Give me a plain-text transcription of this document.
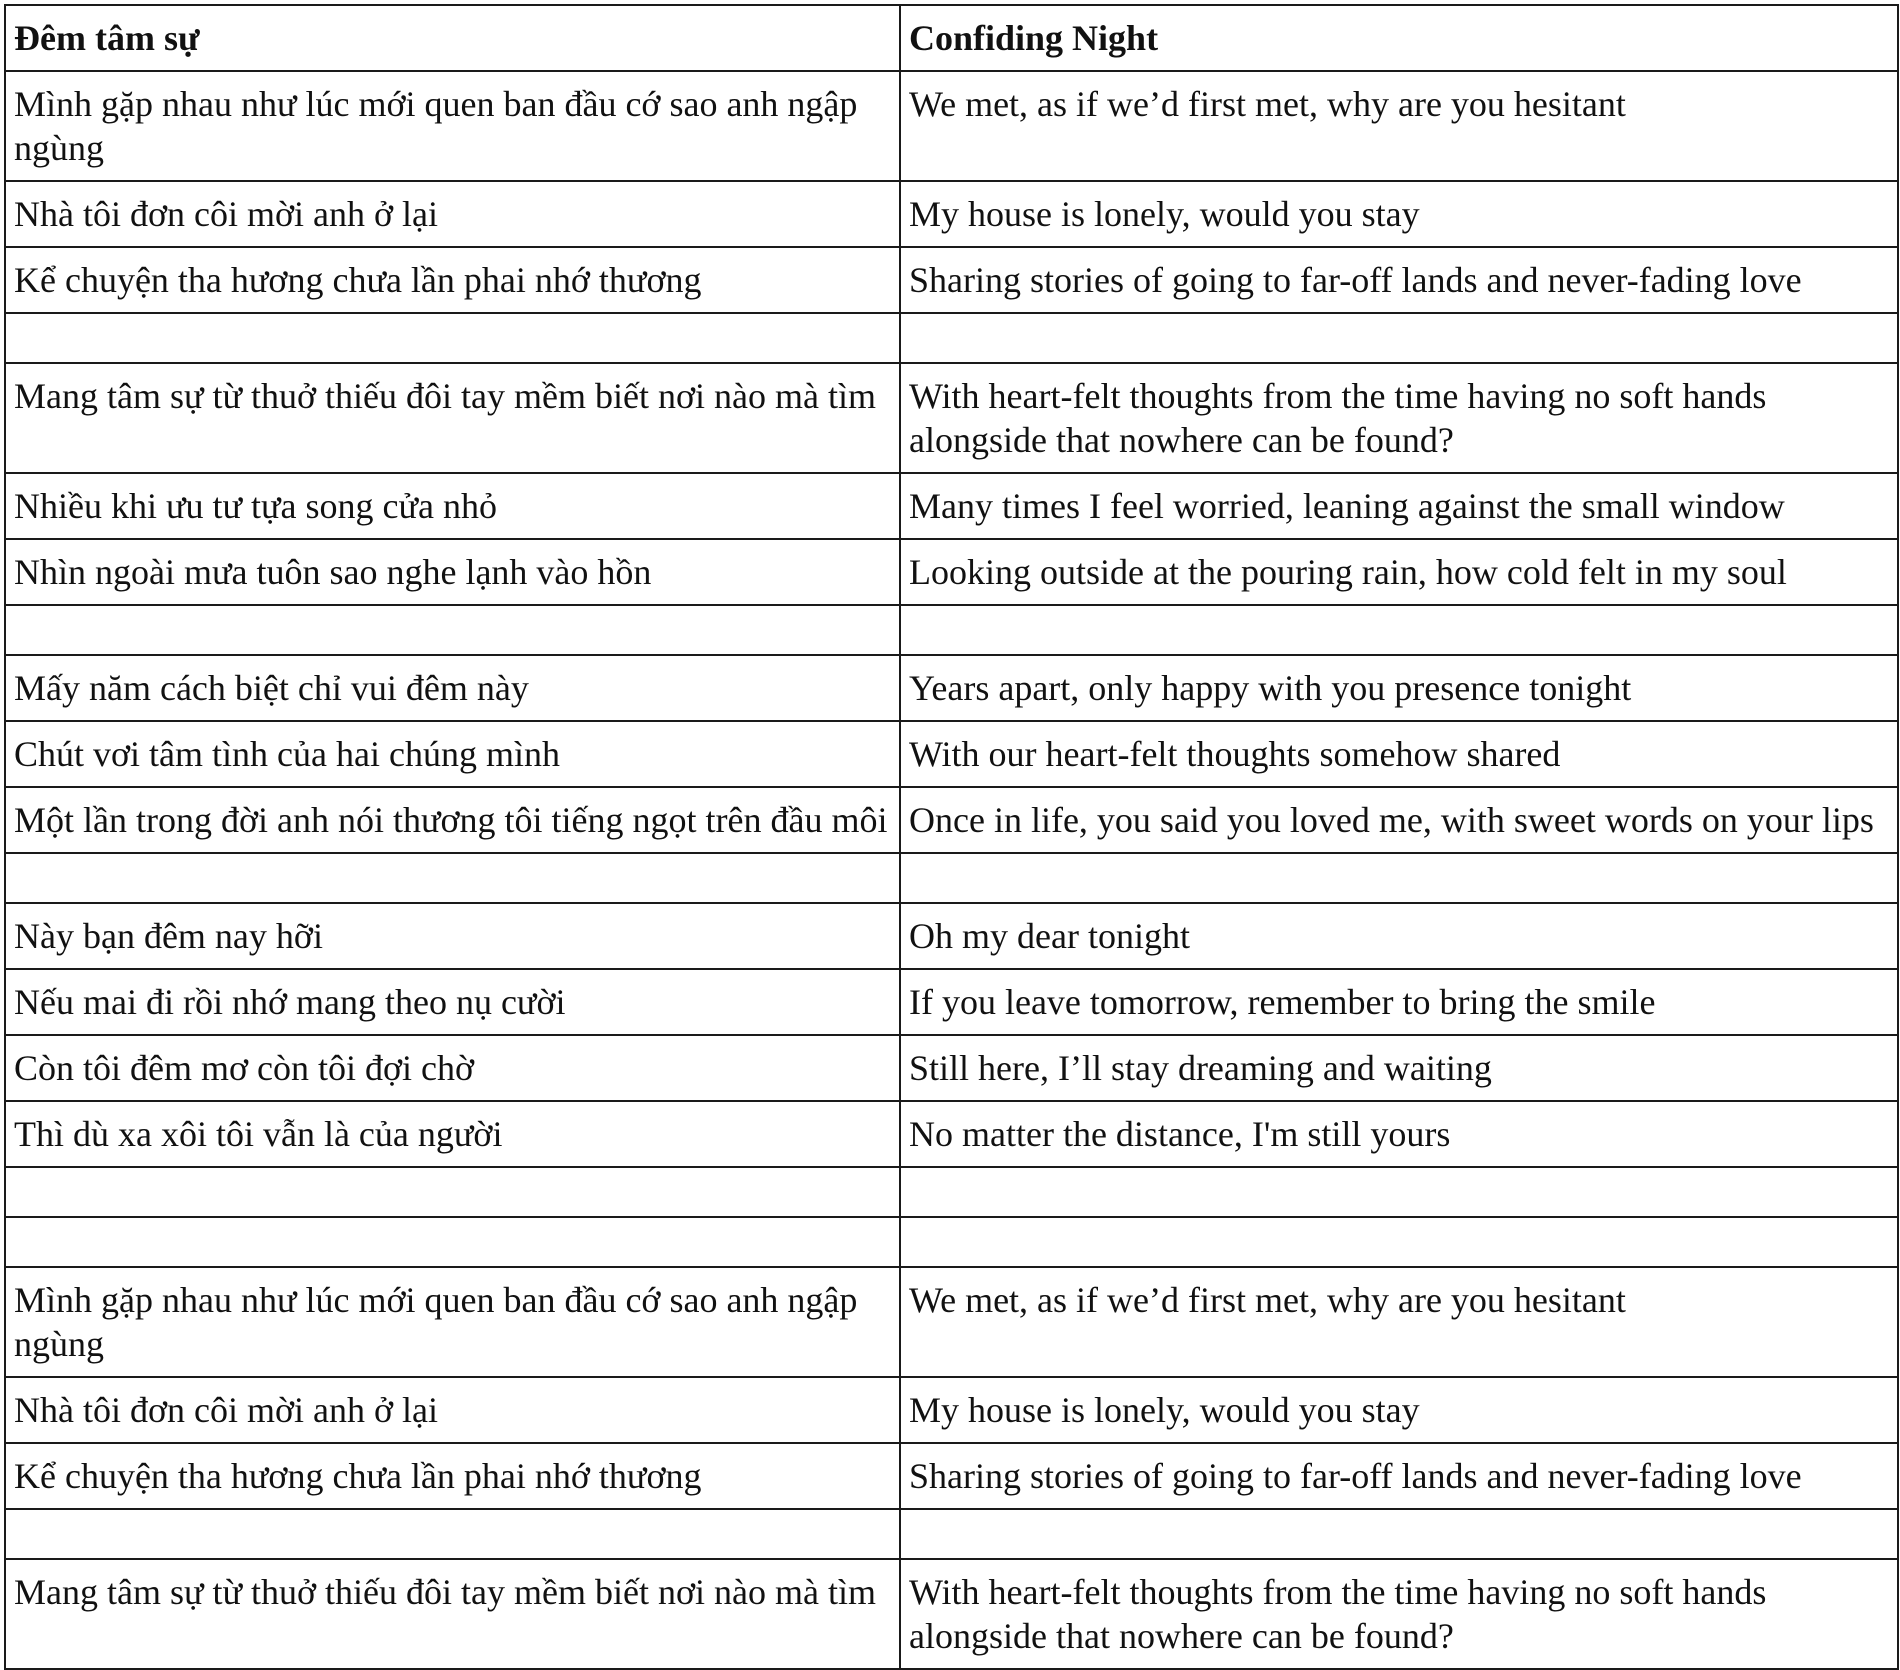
Đêm tâm sự	Confiding Night
Mình gặp nhau như lúc mới quen ban đầu cớ sao anh ngập ngùng	We met, as if we’d first met, why are you hesitant
Nhà tôi đơn côi mời anh ở lại	My house is lonely, would you stay
Kể chuyện tha hương chưa lần phai nhớ thương	Sharing stories of going to far-off lands and never-fading love

Mang tâm sự từ thuở thiếu đôi tay mềm biết nơi nào mà tìm	With heart-felt thoughts from the time having no soft hands alongside that nowhere can be found?
Nhiều khi ưu tư tựa song cửa nhỏ	Many times I feel worried, leaning against the small window
Nhìn ngoài mưa tuôn sao nghe lạnh vào hồn	Looking outside at the pouring rain, how cold felt in my soul

Mấy năm cách biệt chỉ vui đêm này	Years apart, only happy with you presence tonight
Chút vơi tâm tình của hai chúng mình	With our heart-felt thoughts somehow shared
Một lần trong đời anh nói thương tôi tiếng ngọt trên đầu môi	Once in life, you said you loved me, with sweet words on your lips

Này bạn đêm nay hỡi	Oh my dear tonight
Nếu mai đi rồi nhớ mang theo nụ cười	If you leave tomorrow, remember to bring the smile
Còn tôi đêm mơ còn tôi đợi chờ	Still here, I’ll stay dreaming and waiting
Thì dù xa xôi tôi vẫn là của người	No matter the distance, I'm still yours

Mình gặp nhau như lúc mới quen ban đầu cớ sao anh ngập ngùng	We met, as if we’d first met, why are you hesitant
Nhà tôi đơn côi mời anh ở lại	My house is lonely, would you stay
Kể chuyện tha hương chưa lần phai nhớ thương	Sharing stories of going to far-off lands and never-fading love

Mang tâm sự từ thuở thiếu đôi tay mềm biết nơi nào mà tìm	With heart-felt thoughts from the time having no soft hands alongside that nowhere can be found?
